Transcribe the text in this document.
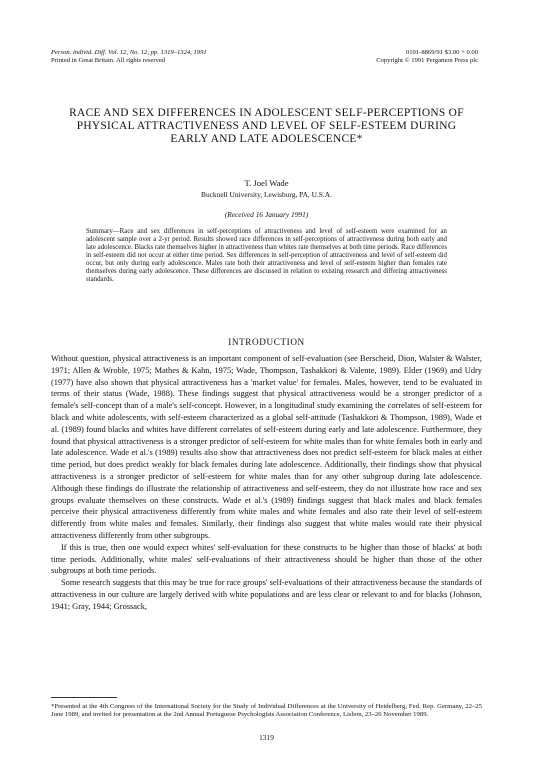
Person. individ. Diff. Vol. 12, No. 12, pp. 1319–1324, 1991
Printed in Great Britain. All rights reserved
0191-8869/91 $3.00 + 0.00
Copyright © 1991 Pergamon Press plc
RACE AND SEX DIFFERENCES IN ADOLESCENT SELF-PERCEPTIONS OF PHYSICAL ATTRACTIVENESS AND LEVEL OF SELF-ESTEEM DURING EARLY AND LATE ADOLESCENCE*
T. Joel Wade
Bucknell University, Lewisburg, PA, U.S.A.
(Received 16 January 1991)
Summary—Race and sex differences in self-perceptions of attractiveness and level of self-esteem were examined for an adolescent sample over a 2-yr period. Results showed race differences in self-perceptions of attractiveness during both early and late adolescence. Blacks rate themselves higher in attractiveness than whites rate themselves at both time periods. Race differences in self-esteem did not occur at either time period. Sex differences in self-perception of attractiveness and level of self-esteem did occur, but only during early adolescence. Males rate both their attractiveness and level of self-esteem higher than females rate themselves during early adolescence. These differences are discussed in relation to existing research and differing attractiveness standards.
INTRODUCTION

Without question, physical attractiveness is an important component of self-evaluation (see Berscheid, Dion, Walster & Walster, 1971; Allen & Wroble, 1975; Mathes & Kahn, 1975; Wade, Thompson, Tashakkori & Valente, 1989). Elder (1969) and Udry (1977) have also shown that physical attractiveness has a 'market value' for females. Males, however, tend to be evaluated in terms of their status (Wade, 1988). These findings suggest that physical attractiveness would be a stronger predictor of a female's self-concept than of a male's self-concept. However, in a longitudinal study examining the correlates of self-esteem for black and white adolescents, with self-esteem characterized as a global self-attitude (Tashakkori & Thompson, 1989), Wade et al. (1989) found blacks and whites have different correlates of self-esteem during early and late adolescence. Furthermore, they found that physical attractiveness is a stronger predictor of self-esteem for white males than for white females both in early and late adolescence. Wade et al.'s (1989) results also show that attractiveness does not predict self-esteem for black males at either time period, but does predict weakly for black females during late adolescence. Additionally, their findings show that physical attractiveness is a stronger predictor of self-esteem for white males than for any other subgroup during late adolescence. Although these findings do illustrate the relationship of attractiveness and self-esteem, they do not illustrate how race and sex groups evaluate themselves on these constructs. Wade et al.'s (1989) findings suggest that black males and black females perceive their physical attractiveness differently from white males and white females and also rate their level of self-esteem differently from white males and females. Similarly, their findings also suggest that white males would rate their physical attractiveness differently from other subgroups.

If this is true, then one would expect whites' self-evaluation for these constructs to be higher than those of blacks' at both time periods. Additionally, white males' self-evaluations of their attractiveness should be higher than those of the other subgroups at both time periods.

Some research suggests that this may be true for race groups' self-evaluations of their attractiveness because the standards of attractiveness in our culture are largely derived with white populations and are less clear or relevant to and for blacks (Johnson, 1941; Gray, 1944; Grossack,

*Presented at the 4th Congress of the International Society for the Study of Individual Differences at the University of Heidelberg, Fed. Rep. Germany, 22–25 June 1989, and invited for presentation at the 2nd Annual Portuguese Psychologists Association Conference, Lisbon, 23–26 November 1989.
1319
